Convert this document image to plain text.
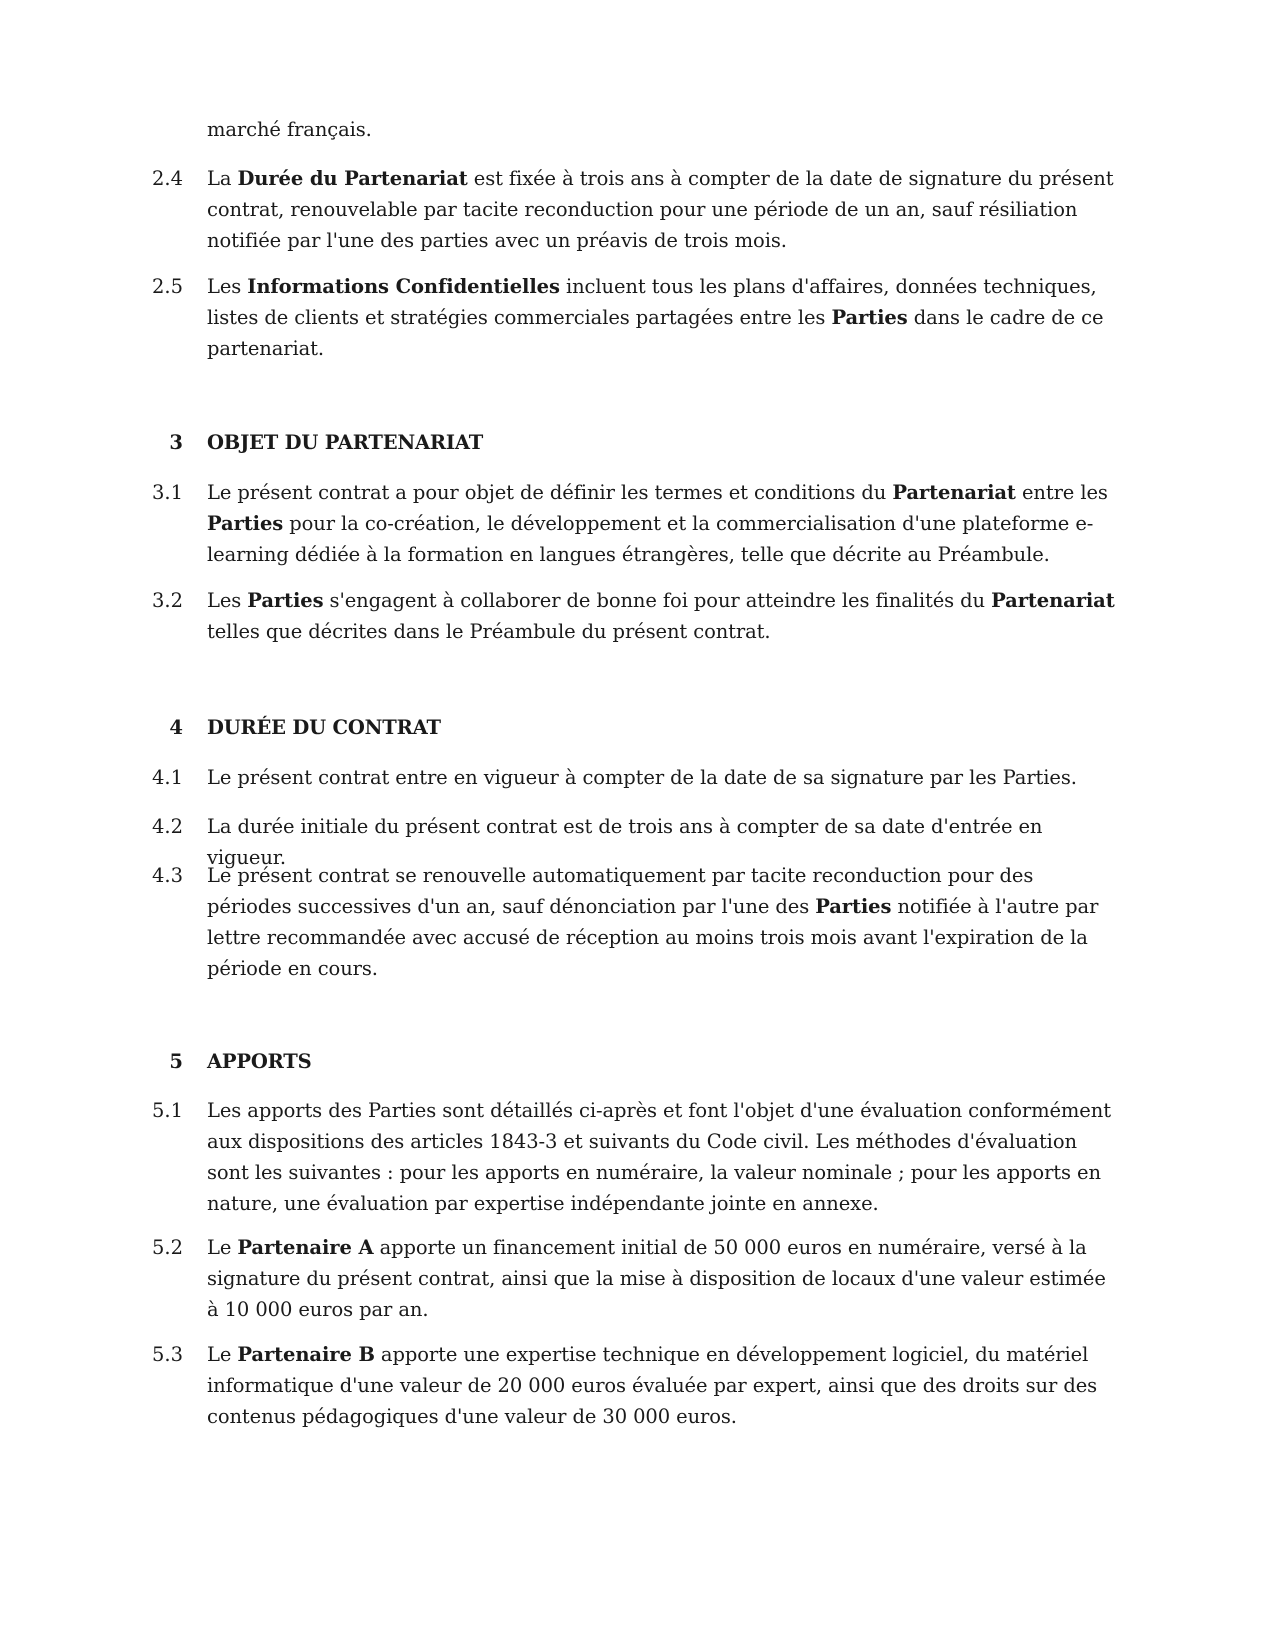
marché français.
2.4 La Durée du Partenariat est fixée à trois ans à compter de la date de signature du présent contrat, renouvelable par tacite reconduction pour une période de un an, sauf résiliation notifiée par l'une des parties avec un préavis de trois mois.
2.5 Les Informations Confidentielles incluent tous les plans d'affaires, données techniques, listes de clients et stratégies commerciales partagées entre les Parties dans le cadre de ce partenariat.
3 OBJET DU PARTENARIAT
3.1 Le présent contrat a pour objet de définir les termes et conditions du Partenariat entre les Parties pour la co-création, le développement et la commercialisation d'une plateforme e-learning dédiée à la formation en langues étrangères, telle que décrite au Préambule.
3.2 Les Parties s'engagent à collaborer de bonne foi pour atteindre les finalités du Partenariat telles que décrites dans le Préambule du présent contrat.
4 DURÉE DU CONTRAT
4.1 Le présent contrat entre en vigueur à compter de la date de sa signature par les Parties.
4.2 La durée initiale du présent contrat est de trois ans à compter de sa date d'entrée en vigueur.
4.3 Le présent contrat se renouvelle automatiquement par tacite reconduction pour des périodes successives d'un an, sauf dénonciation par l'une des Parties notifiée à l'autre par lettre recommandée avec accusé de réception au moins trois mois avant l'expiration de la période en cours.
5 APPORTS
5.1 Les apports des Parties sont détaillés ci-après et font l'objet d'une évaluation conformément aux dispositions des articles 1843-3 et suivants du Code civil. Les méthodes d'évaluation sont les suivantes : pour les apports en numéraire, la valeur nominale ; pour les apports en nature, une évaluation par expertise indépendante jointe en annexe.
5.2 Le Partenaire A apporte un financement initial de 50 000 euros en numéraire, versé à la signature du présent contrat, ainsi que la mise à disposition de locaux d'une valeur estimée à 10 000 euros par an.
5.3 Le Partenaire B apporte une expertise technique en développement logiciel, du matériel informatique d'une valeur de 20 000 euros évaluée par expert, ainsi que des droits sur des contenus pédagogiques d'une valeur de 30 000 euros.
